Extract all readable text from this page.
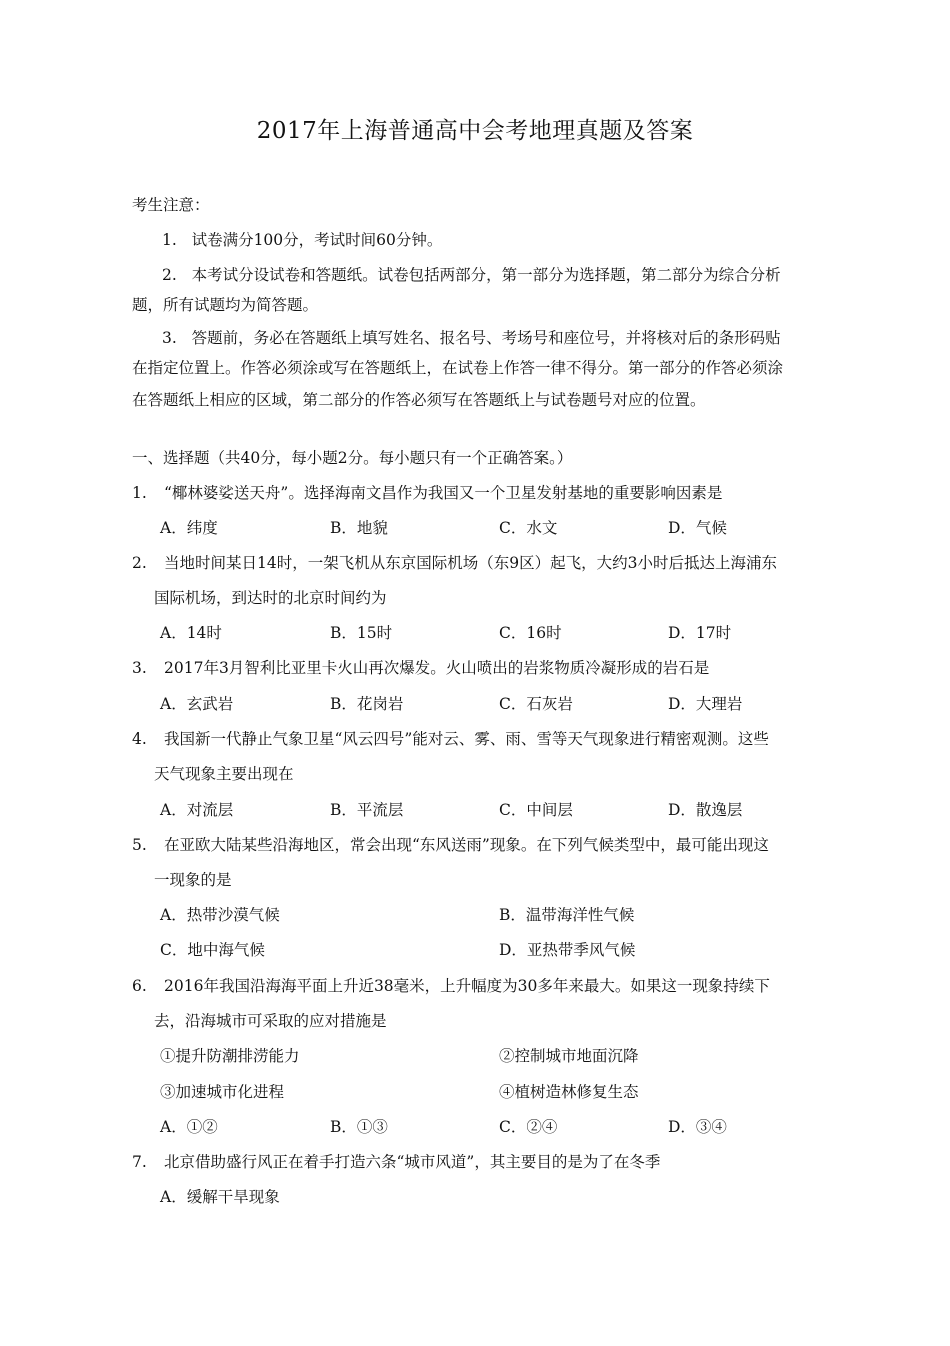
2017年上海普通高中会考地理真题及答案
考生注意：
1.   试卷满分100分，考试时间60分钟。
2.   本考试分设试卷和答题纸。试卷包括两部分，第一部分为选择题，第二部分为综合分析
题，所有试题均为简答题。
3.   答题前，务必在答题纸上填写姓名、报名号、考场号和座位号，并将核对后的条形码贴
在指定位置上。作答必须涂或写在答题纸上，在试卷上作答一律不得分。第一部分的作答必须涂
在答题纸上相应的区域，第二部分的作答必须写在答题纸上与试卷题号对应的位置。
一、选择题（共40分，每小题2分。每小题只有一个正确答案。）
1. “椰林婆娑送天舟”。选择海南文昌作为我国又一个卫星发射基地的重要影响因素是
A．纬度	B．地貌	C．水文	D．气候
2. 当地时间某日14时，一架飞机从东京国际机场（东9区）起飞，大约3小时后抵达上海浦东
国际机场，到达时的北京时间约为
A．14时	B．15时	C．16时	D．17时
3. 2017年3月智利比亚里卡火山再次爆发。火山喷出的岩浆物质冷凝形成的岩石是
A．玄武岩	B．花岗岩	C．石灰岩	D．大理岩
4. 我国新一代静止气象卫星“风云四号”能对云、雾、雨、雪等天气现象进行精密观测。这些
天气现象主要出现在
A．对流层	B．平流层	C．中间层	D．散逸层
5. 在亚欧大陆某些沿海地区，常会出现“东风送雨”现象。在下列气候类型中，最可能出现这
一现象的是
A．热带沙漠气候	B．温带海洋性气候
C．地中海气候	D．亚热带季风气候
6. 2016年我国沿海海平面上升近38毫米，上升幅度为30多年来最大。如果这一现象持续下
去，沿海城市可采取的应对措施是
①提升防潮排涝能力	②控制城市地面沉降
③加速城市化进程	④植树造林修复生态
A．①②	B．①③	C．②④	D．③④
7. 北京借助盛行风正在着手打造六条“城市风道”，其主要目的是为了在冬季
A．缓解干旱现象
